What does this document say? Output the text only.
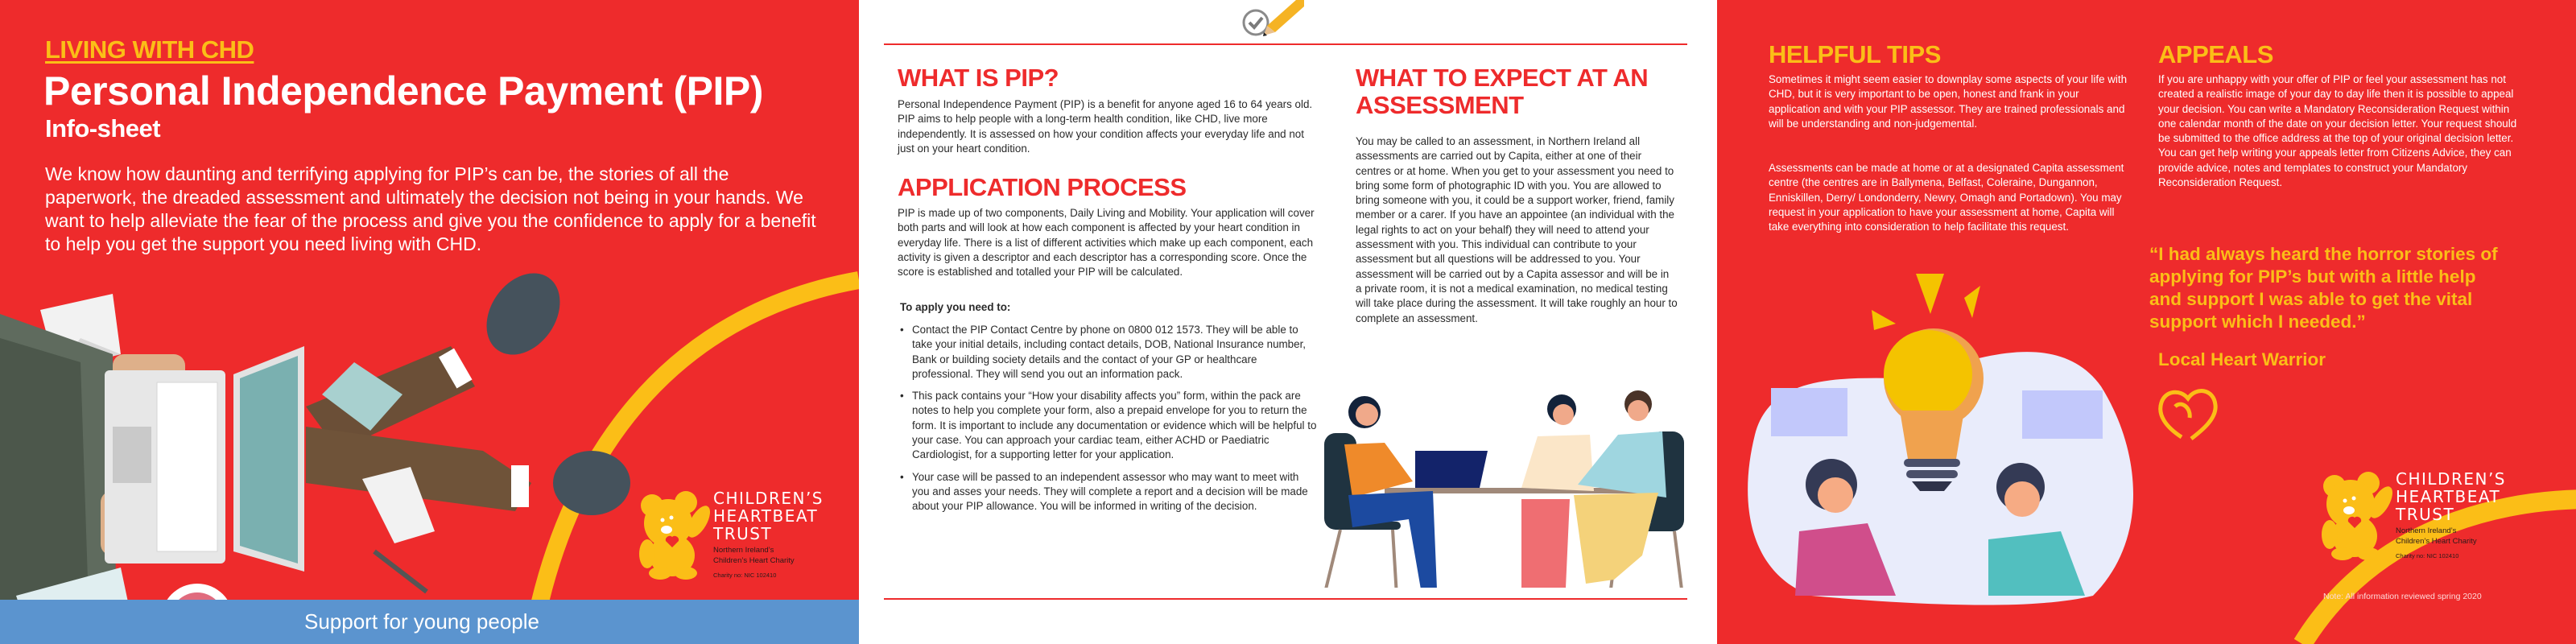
LIVING WITH CHD
Personal Independence Payment (PIP)
Info-sheet

We know how daunting and terrifying applying for PIP’s can be, the stories of all the paperwork, the dreaded assessment and ultimately the decision not being in your hands. We want to help alleviate the fear of the process and give you the confidence to apply for a benefit to help you get the support you need living with CHD.

Support for young people
CHILDREN’S
HEARTBEAT
TRUST
Northern Ireland’s
Children’s Heart Charity
Charity no: NIC 102410
WHAT IS PIP?

Personal Independence Payment (PIP) is a benefit for anyone aged 16 to 64 years old. PIP aims to help people with a long-term health condition, like CHD, live more independently. It is assessed on how your condition affects your everyday life and not just on your heart condition.

APPLICATION PROCESS

PIP is made up of two components, Daily Living and Mobility. Your application will cover both parts and will look at how each component is affected by your heart condition in everyday life. There is a list of different activities which make up each component, each activity is given a descriptor and each descriptor has a corresponding score. Once the score is established and totalled your PIP will be calculated.

To apply you need to:

• Contact the PIP Contact Centre by phone on 0800 012 1573. They will be able to take your initial details, including contact details, DOB, National Insurance number, Bank or building society details and the contact of your GP or healthcare professional. They will send you out an information pack.
• This pack contains your “How your disability affects you” form, within the pack are notes to help you complete your form, also a prepaid envelope for you to return the form. It is important to include any documentation or evidence which will be helpful to your case. You can approach your cardiac team, either ACHD or Paediatric Cardiologist, for a supporting letter for your application.
• Your case will be passed to an independent assessor who may want to meet with you and asses your needs. They will complete a report and a decision will be made about your PIP allowance. You will be informed in writing of the decision.
WHAT TO EXPECT AT AN ASSESSMENT

You may be called to an assessment, in Northern Ireland all assessments are carried out by Capita, either at one of their centres or at home. When you get to your assessment you need to bring some form of photographic ID with you. You are allowed to bring someone with you, it could be a support worker, friend, family member or a carer. If you have an appointee (an individual with the legal rights to act on your behalf) they will need to attend your assessment with you. This individual can contribute to your assessment but all questions will be addressed to you. Your assessment will be carried out by a Capita assessor and will be in a private room, it is not a medical examination, no medical testing will take place during the assessment. It will take roughly an hour to complete an assessment.

HELPFUL TIPS

Sometimes it might seem easier to downplay some aspects of your life with CHD, but it is very important to be open, honest and frank in your application and with your PIP assessor. They are trained professionals and will be understanding and non-judgemental.

Assessments can be made at home or at a designated Capita assessment centre (the centres are in Ballymena, Belfast, Coleraine, Dungannon, Enniskillen, Derry/ Londonderry, Newry, Omagh and Portadown). You may request in your application to have your assessment at home, Capita will take everything into consideration to help facilitate this request.

APPEALS

If you are unhappy with your offer of PIP or feel your assessment has not created a realistic image of your day to day life then it is possible to appeal your decision. You can write a Mandatory Reconsideration Request within one calendar month of the date on your decision letter. Your request should be submitted to the office address at the top of your original decision letter. You can get help writing your appeals letter from Citizens Advice, they can provide advice, notes and templates to construct your Mandatory Reconsideration Request.

“I had always heard the horror stories of applying for PIP’s but with a little help and support I was able to get the vital support which I needed.”
Local Heart Warrior
CHILDREN’S
HEARTBEAT
TRUST
Northern Ireland’s
Children’s Heart Charity
Charity no: NIC 102410
Note: All information reviewed spring 2020
